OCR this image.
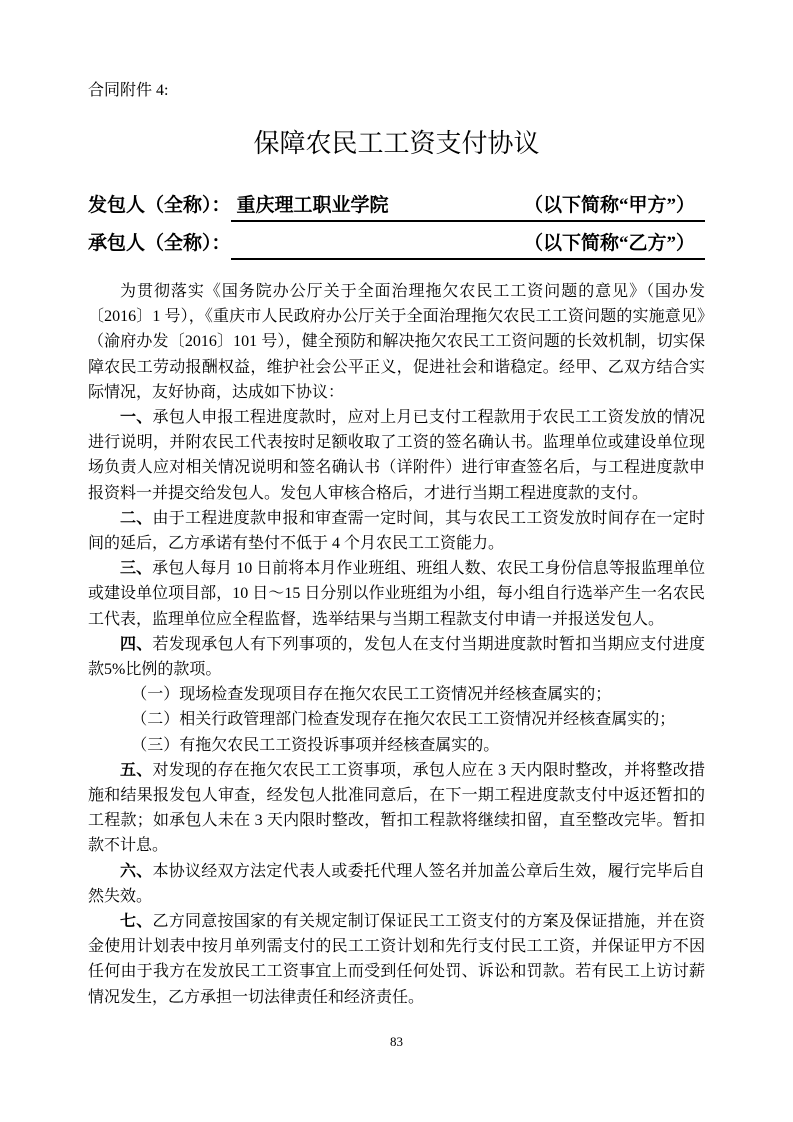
合同附件 4:
保障农民工工资支付协议
发包人（全称）： 重庆理工职业学院	（以下简称“甲方”）
承包人（全称）：	（以下简称“乙方”）

为贯彻落实《国务院办公厅关于全面治理拖欠农民工工资问题的意见》（国办发〔2016〕1 号），《重庆市人民政府办公厅关于全面治理拖欠农民工工资问题的实施意见》（渝府办发〔2016〕101 号），健全预防和解决拖欠农民工工资问题的长效机制，切实保障农民工劳动报酬权益，维护社会公平正义，促进社会和谐稳定。经甲、乙双方结合实际情况，友好协商，达成如下协议：

一、承包人申报工程进度款时，应对上月已支付工程款用于农民工工资发放的情况进行说明，并附农民工代表按时足额收取了工资的签名确认书。监理单位或建设单位现场负责人应对相关情况说明和签名确认书（详附件）进行审查签名后，与工程进度款申报资料一并提交给发包人。发包人审核合格后，才进行当期工程进度款的支付。

二、由于工程进度款申报和审查需一定时间，其与农民工工资发放时间存在一定时间的延后，乙方承诺有垫付不低于 4 个月农民工工资能力。

三、承包人每月 10 日前将本月作业班组、班组人数、农民工身份信息等报监理单位或建设单位项目部，10 日～15 日分别以作业班组为小组，每小组自行选举产生一名农民工代表，监理单位应全程监督，选举结果与当期工程款支付申请一并报送发包人。

四、若发现承包人有下列事项的，发包人在支付当期进度款时暂扣当期应支付进度款5%比例的款项。

（一）现场检查发现项目存在拖欠农民工工资情况并经核查属实的；

（二）相关行政管理部门检查发现存在拖欠农民工工资情况并经核查属实的；

（三）有拖欠农民工工资投诉事项并经核查属实的。

五、对发现的存在拖欠农民工工资事项，承包人应在 3 天内限时整改，并将整改措施和结果报发包人审查，经发包人批准同意后，在下一期工程进度款支付中返还暂扣的工程款；如承包人未在 3 天内限时整改，暂扣工程款将继续扣留，直至整改完毕。暂扣款不计息。

六、本协议经双方法定代表人或委托代理人签名并加盖公章后生效，履行完毕后自然失效。

七、乙方同意按国家的有关规定制订保证民工工资支付的方案及保证措施，并在资金使用计划表中按月单列需支付的民工工资计划和先行支付民工工资，并保证甲方不因任何由于我方在发放民工工资事宜上而受到任何处罚、诉讼和罚款。若有民工上访讨薪情况发生，乙方承担一切法律责任和经济责任。

83
